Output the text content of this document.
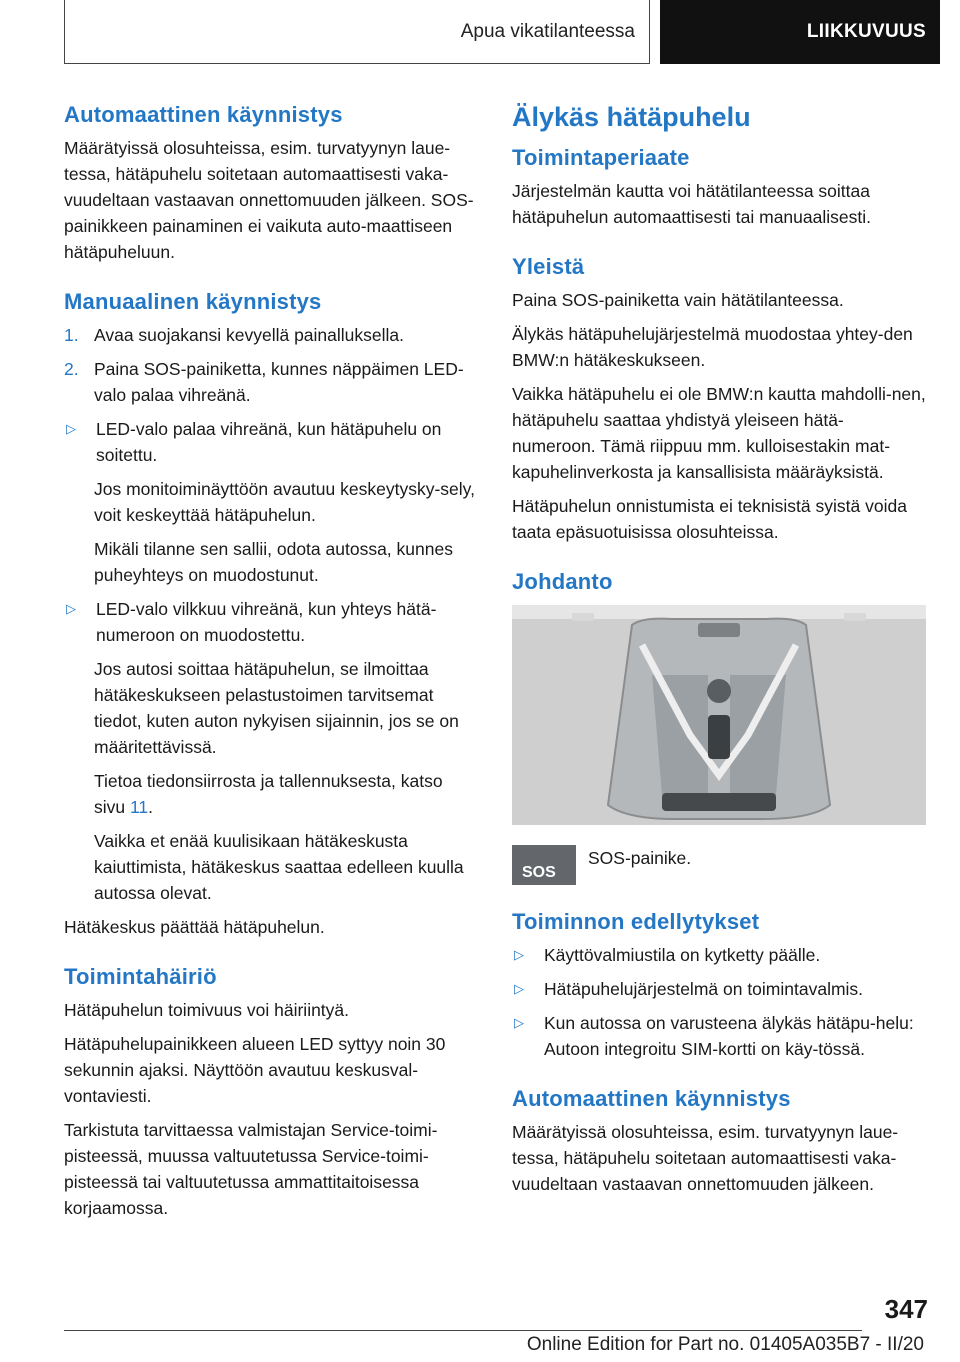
Apua vikatilanteessa	LIIKKUVUUS
Automaattinen käynnistys

Määrätyissä olosuhteissa, esim. turvatyynyn laue-tessa, hätäpuhelu soitetaan automaattisesti vaka-vuudeltaan vastaavan onnettomuuden jälkeen. SOS-painikkeen painaminen ei vaikuta auto-maattiseen hätäpuheluun.

Manuaalinen käynnistys
1. Avaa suojakansi kevyellä painalluksella.
2. Paina SOS-painiketta, kunnes näppäimen LED-valo palaa vihreänä.
▷	LED-valo palaa vihreänä, kun hätäpuhelu on soitettu.

Jos monitoiminäyttöön avautuu keskeytysky-sely, voit keskeyttää hätäpuhelun.

Mikäli tilanne sen sallii, odota autossa, kunnes puheyhteys on muodostunut.

▷	LED-valo vilkkuu vihreänä, kun yhteys hätä-numeroon on muodostettu.

Jos autosi soittaa hätäpuhelun, se ilmoittaa hätäkeskukseen pelastustoimen tarvitsemat tiedot, kuten auton nykyisen sijainnin, jos se on määritettävissä.

Tietoa tiedonsiirrosta ja tallennuksesta, katso sivu 11.

Vaikka et enää kuulisikaan hätäkeskusta kaiuttimista, hätäkeskus saattaa edelleen kuulla autossa olevat.

Hätäkeskus päättää hätäpuhelun.

Toimintahäiriö

Hätäpuhelun toimivuus voi häiriintyä.

Hätäpuhelupainikkeen alueen LED syttyy noin 30 sekunnin ajaksi. Näyttöön avautuu keskusval-vontaviesti.

Tarkistuta tarvittaessa valmistajan Service-toimi-pisteessä, muussa valtuutetussa Service-toimi-pisteessä tai valtuutetussa ammattitaitoisessa korjaamossa.

Älykäs hätäpuhelu
Toimintaperiaate

Järjestelmän kautta voi hätätilanteessa soittaa hätäpuhelun automaattisesti tai manuaalisesti.

Yleistä

Paina SOS-painiketta vain hätätilanteessa.

Älykäs hätäpuhelujärjestelmä muodostaa yhtey-den BMW:n hätäkeskukseen.

Vaikka hätäpuhelu ei ole BMW:n kautta mahdolli-nen, hätäpuhelu saattaa yhdistyä yleiseen hätä-numeroon. Tämä riippuu mm. kulloisestakin mat-kapuhelinverkosta ja kansallisista määräyksistä.

Hätäpuhelun onnistumista ei teknisistä syistä voida taata epäsuotuisissa olosuhteissa.

Johdanto
SOS
SOS-painike.
Toiminnon edellytykset
▷	Käyttövalmiustila on kytketty päälle.
▷	Hätäpuhelujärjestelmä on toimintavalmis.
▷	Kun autossa on varusteena älykäs hätäpu-helu: Autoon integroitu SIM-kortti on käy-tössä.
Automaattinen käynnistys

Määrätyissä olosuhteissa, esim. turvatyynyn laue-tessa, hätäpuhelu soitetaan automaattisesti vaka-vuudeltaan vastaavan onnettomuuden jälkeen.

347
Online Edition for Part no. 01405A035B7 - II/20
